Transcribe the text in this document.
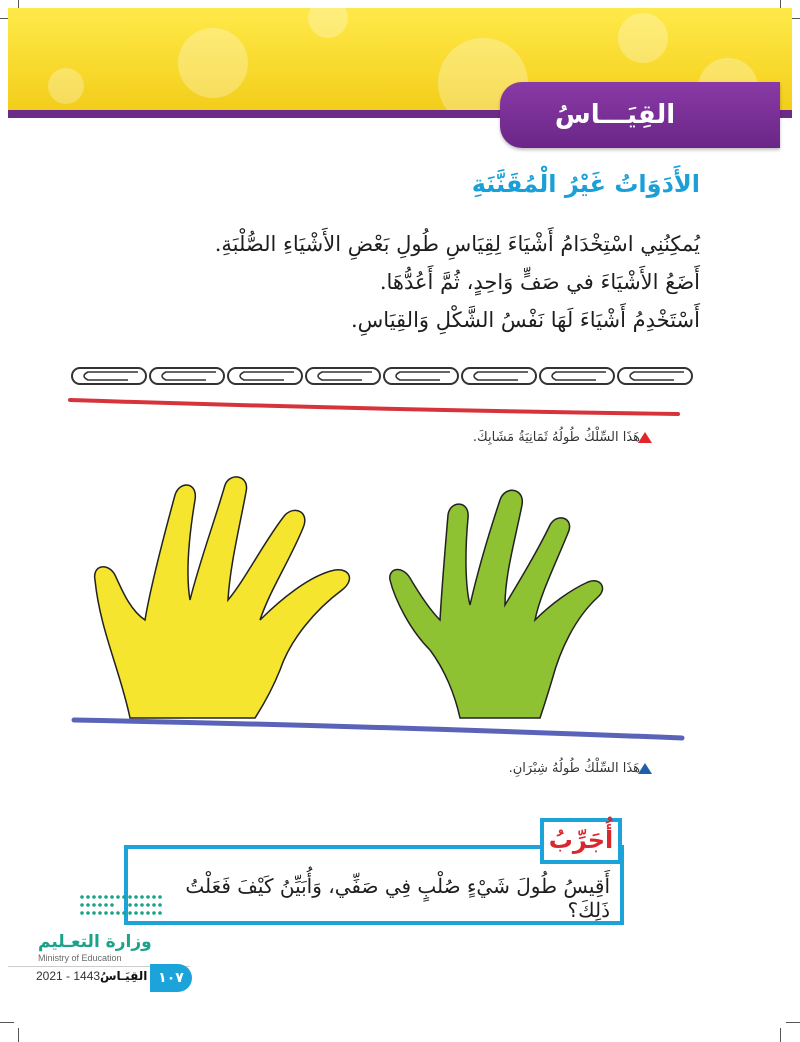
القِيَـــاسُ
الأَدَوَاتُ غَيْرُ الْمُقَنَّنَةِ
يُمكِنُنِي اسْتِخْدَامُ أَشْيَاءَ لِقِيَاسِ طُولِ بَعْضِ الأَشْيَاءِ الصُّلْبَةِ.
أَضَعُ الأَشْيَاءَ في صَفٍّ وَاحِدٍ، ثُمَّ أَعُدُّهَا.
أَسْتَخْدِمُ أَشْيَاءَ لَهَا نَفْسُ الشَّكْلِ وَالقِيَاسِ.
هَذَا السِّلْكُ طُولُهُ ثَمَانِيَةُ مَشَابِكَ.
هَذَا السِّلْكُ طُولُهُ شِبْرَانِ.
أُجَرِّبُ
أَقِيسُ طُولَ شَيْءٍ صُلْبٍ فِي صَفِّي، وَأُبَيِّنُ كَيْفَ فَعَلْتُ ذَلِكَ؟
وزارة التعـليم
Ministry of Education
2021 - 1443 القِيَـاسُ ١٠٧
